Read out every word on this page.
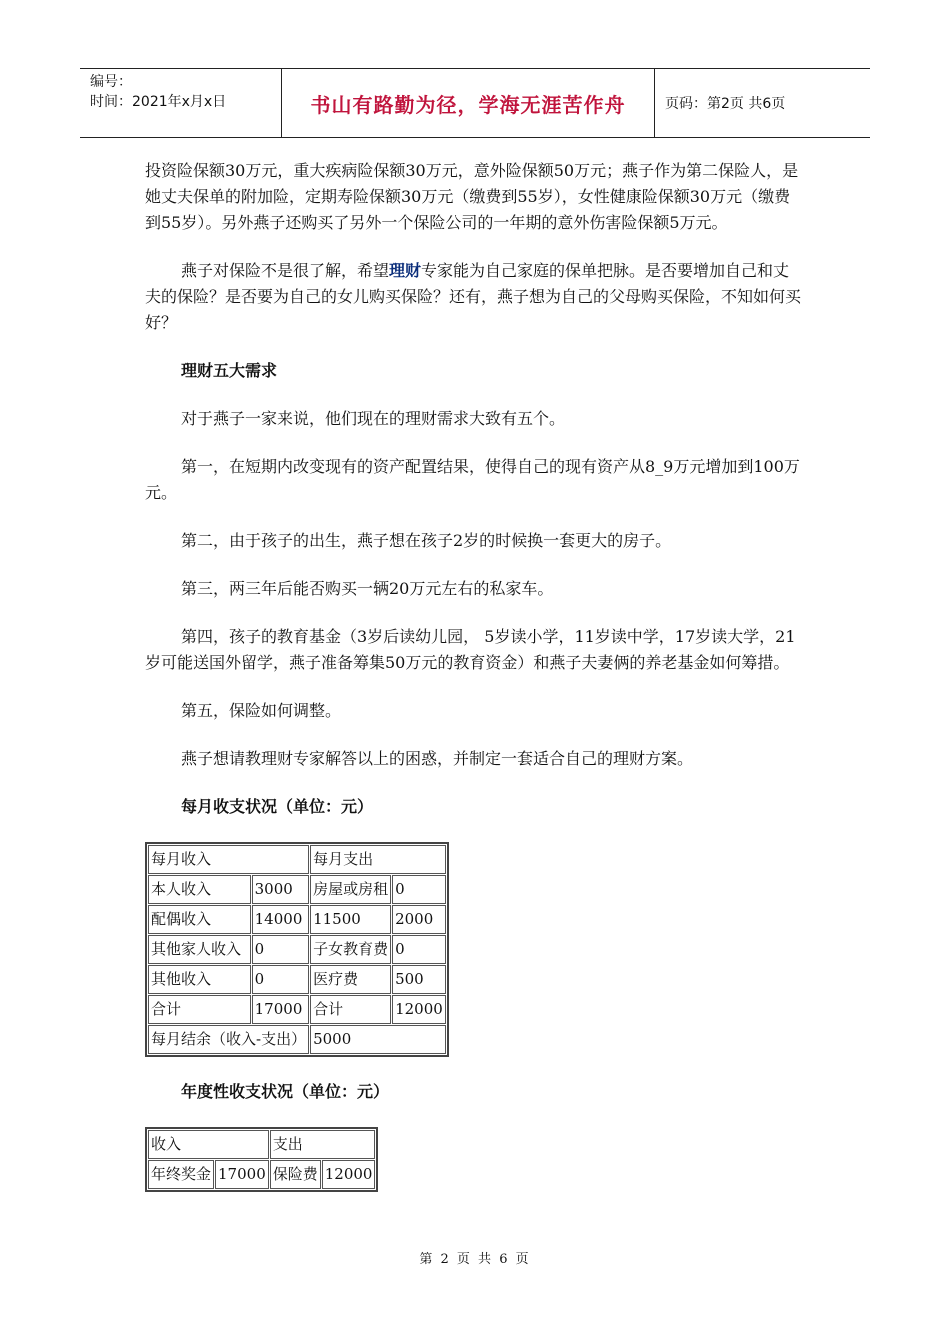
编号：
时间：2021年x月x日	书山有路勤为径，学海无涯苦作舟	页码：第2页 共6页

投资险保额30万元，重大疾病险保额30万元，意外险保额50万元；燕子作为第二保险人，是她丈夫保单的附加险，定期寿险保额30万元（缴费到55岁），女性健康险保额30万元（缴费到55岁）。另外燕子还购买了另外一个保险公司的一年期的意外伤害险保额5万元。

燕子对保险不是很了解，希望理财专家能为自己家庭的保单把脉。是否要增加自己和丈夫的保险？是否要为自己的女儿购买保险？还有，燕子想为自己的父母购买保险，不知如何买好？

理财五大需求

对于燕子一家来说，他们现在的理财需求大致有五个。

第一，在短期内改变现有的资产配置结果，使得自己的现有资产从8_9万元增加到100万元。

第二，由于孩子的出生，燕子想在孩子2岁的时候换一套更大的房子。

第三，两三年后能否购买一辆20万元左右的私家车。

第四，孩子的教育基金（3岁后读幼儿园， 5岁读小学，11岁读中学，17岁读大学，21岁可能送国外留学，燕子准备筹集50万元的教育资金）和燕子夫妻俩的养老基金如何筹措。

第五，保险如何调整。

燕子想请教理财专家解答以上的困惑，并制定一套适合自己的理财方案。

每月收支状况（单位：元）
每月收入		每月支出	
本人收入	3000	房屋或房租	0
配偶收入	14000	11500	2000
其他家人收入	0	子女教育费	0
其他收入	0	医疗费	500
合计	17000	合计	12000
每月结余（收入-支出）		5000	
年度性收支状况（单位：元）
收入		支出	
年终奖金	17000	保险费	12000
第 2 页 共 6 页
